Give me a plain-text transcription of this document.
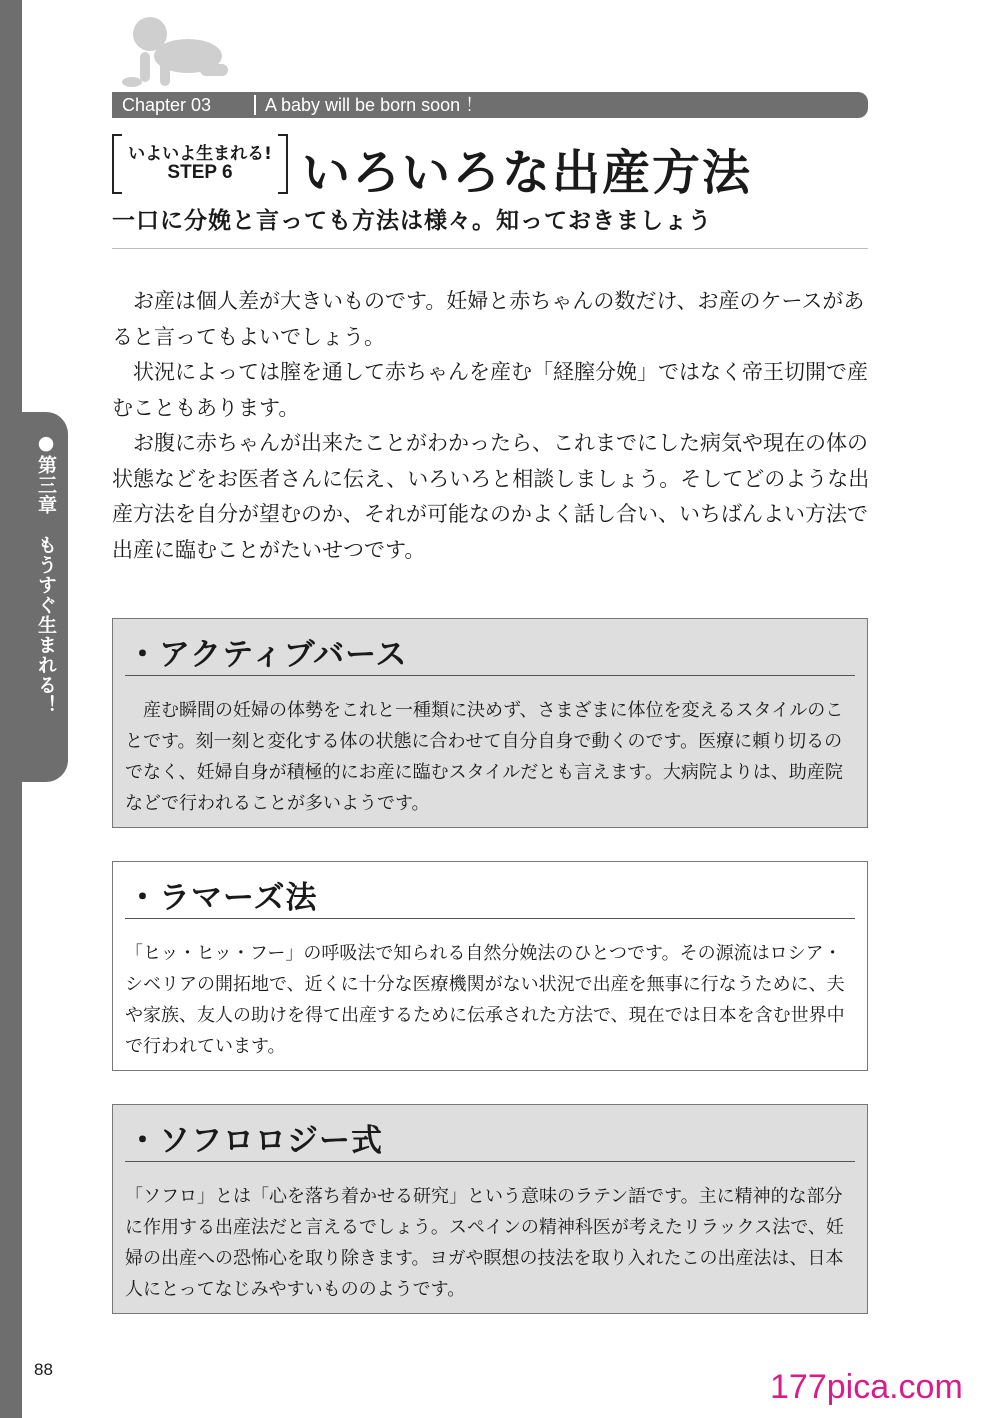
●第三章　もうすぐ生まれる！
Chapter 03	A baby will be born soon ！
いよいよ生まれる!
STEP 6	いろいろな出産方法
一口に分娩と言っても方法は様々。知っておきましょう

お産は個人差が大きいものです。妊婦と赤ちゃんの数だけ、お産のケースがあると言ってもよいでしょう。

状況によっては膣を通して赤ちゃんを産む「経膣分娩」ではなく帝王切開で産むこともあります。

お腹に赤ちゃんが出来たことがわかったら、これまでにした病気や現在の体の状態などをお医者さんに伝え、いろいろと相談しましょう。そしてどのような出産方法を自分が望むのか、それが可能なのかよく話し合い、いちばんよい方法で出産に臨むことがたいせつです。

・アクティブバース
産む瞬間の妊婦の体勢をこれと一種類に決めず、さまざまに体位を変えるスタイルのことです。刻一刻と変化する体の状態に合わせて自分自身で動くのです。医療に頼り切るのでなく、妊婦自身が積極的にお産に臨むスタイルだとも言えます。大病院よりは、助産院などで行われることが多いようです。
・ラマーズ法
「ヒッ・ヒッ・フー」の呼吸法で知られる自然分娩法のひとつです。その源流はロシア・シベリアの開拓地で、近くに十分な医療機関がない状況で出産を無事に行なうために、夫や家族、友人の助けを得て出産するために伝承された方法で、現在では日本を含む世界中で行われています。
・ソフロロジー式
「ソフロ」とは「心を落ち着かせる研究」という意味のラテン語です。主に精神的な部分に作用する出産法だと言えるでしょう。スペインの精神科医が考えたリラックス法で、妊婦の出産への恐怖心を取り除きます。ヨガや瞑想の技法を取り入れたこの出産法は、日本人にとってなじみやすいもののようです。
88	177pica.com
